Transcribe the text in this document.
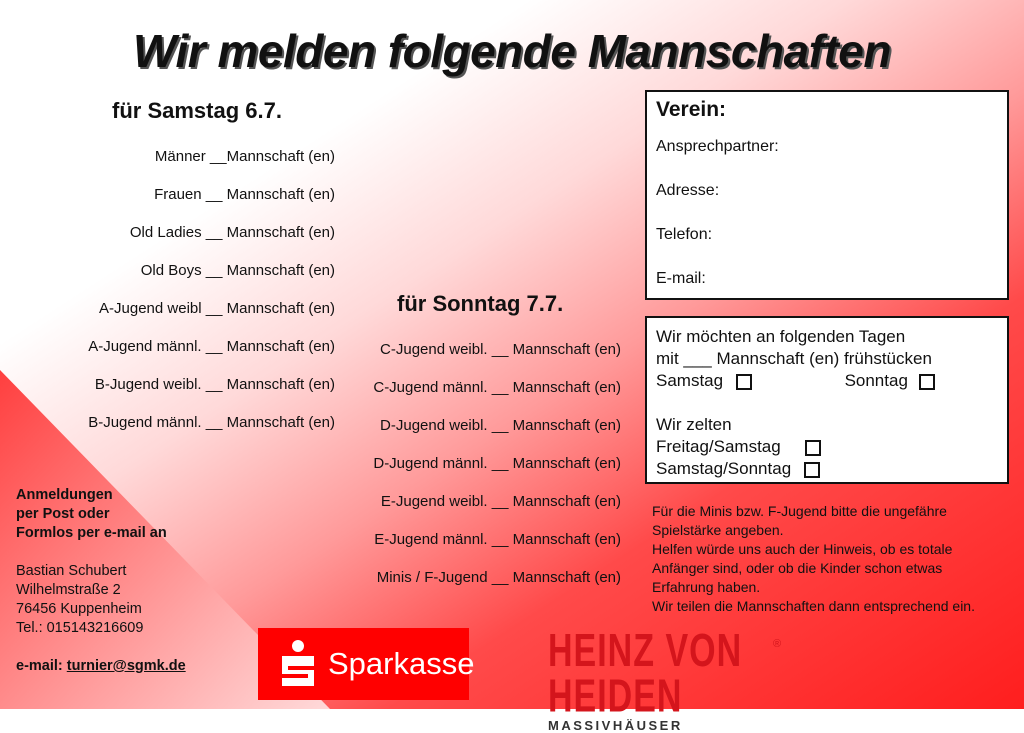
Wir melden folgende Mannschaften
für Samstag 6.7.
Männer __Mannschaft (en)
Frauen __ Mannschaft (en)
Old Ladies __ Mannschaft (en)
Old Boys __ Mannschaft (en)
A-Jugend weibl __ Mannschaft (en)
A-Jugend männl. __ Mannschaft (en)
B-Jugend weibl. __ Mannschaft (en)
B-Jugend männl. __ Mannschaft (en)
für Sonntag 7.7.
C-Jugend weibl. __ Mannschaft (en)
C-Jugend männl. __ Mannschaft (en)
D-Jugend weibl. __ Mannschaft (en)
D-Jugend männl. __ Mannschaft (en)
E-Jugend weibl. __ Mannschaft (en)
E-Jugend männl. __ Mannschaft (en)
Minis / F-Jugend __ Mannschaft (en)
Verein:
Ansprechpartner:
Adresse:
Telefon:
E-mail:
Wir möchten an folgenden Tagen
mit ___ Mannschaft (en) frühstücken
Samstag	Sonntag
Wir zelten
Freitag/Samstag
Samstag/Sonntag
Für die Minis bzw. F-Jugend bitte die ungefähre
Spielstärke angeben.
Helfen würde uns auch der Hinweis, ob es totale
Anfänger sind, oder ob die Kinder schon etwas
Erfahrung haben.
Wir teilen die Mannschaften dann entsprechend ein.
Anmeldungen
per Post oder
Formlos per e-mail an
Bastian Schubert
Wilhelmstraße 2
76456 Kuppenheim
Tel.: 015143216609
e-mail: turnier@sgmk.de	Sparkasse HEINZ VON HEIDEN
®
MASSIVHÄUSER
